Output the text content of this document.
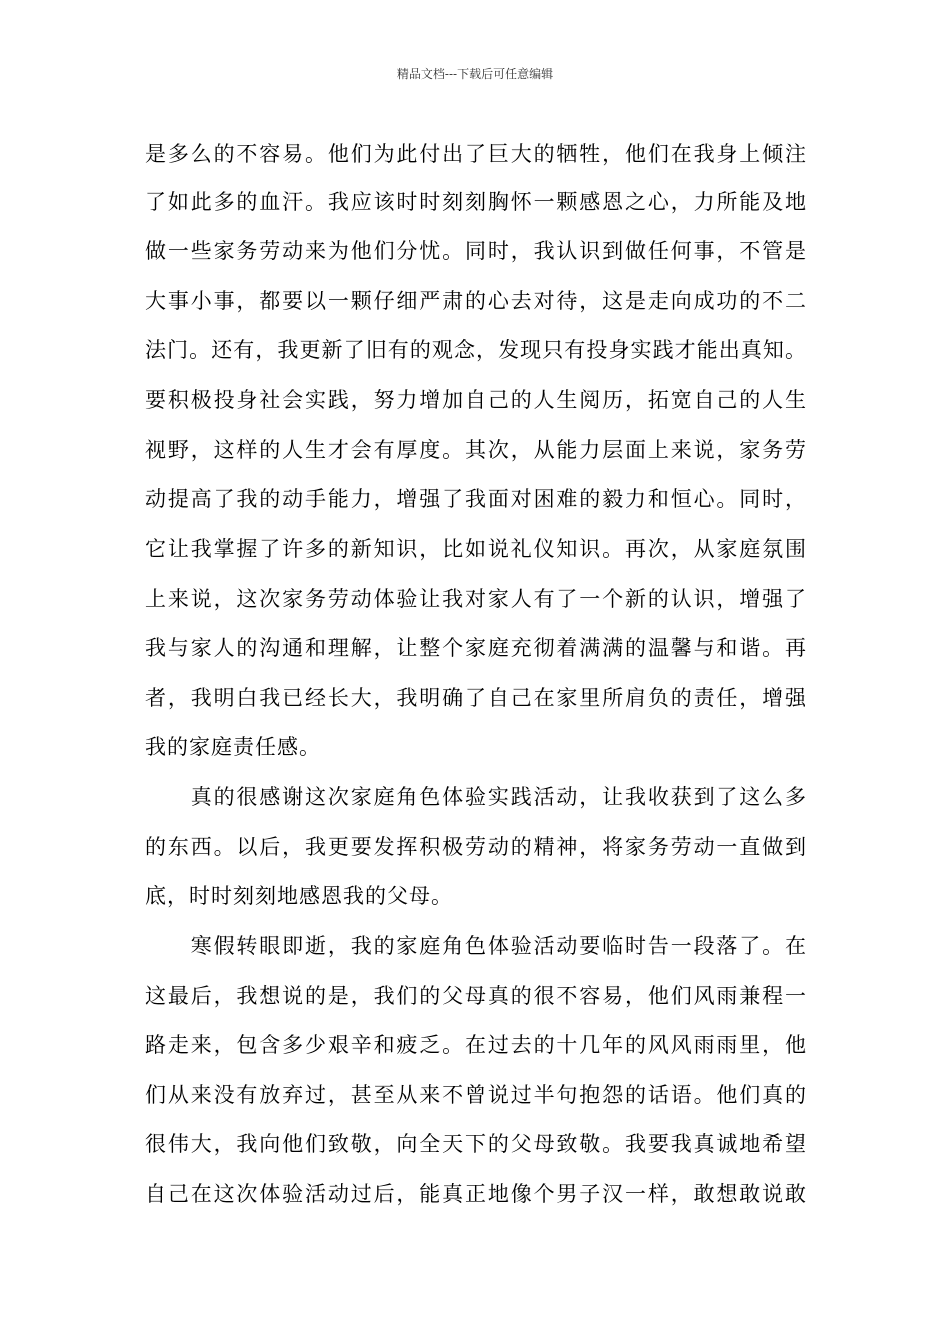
精品文档---下载后可任意编辑
是多么的不容易。他们为此付出了巨大的牺牲，他们在我身上倾注
了如此多的血汗。我应该时时刻刻胸怀一颗感恩之心，力所能及地
做一些家务劳动来为他们分忧。同时，我认识到做任何事，不管是
大事小事，都要以一颗仔细严肃的心去对待，这是走向成功的不二
法门。还有，我更新了旧有的观念，发现只有投身实践才能出真知。
要积极投身社会实践，努力增加自己的人生阅历，拓宽自己的人生
视野，这样的人生才会有厚度。其次，从能力层面上来说，家务劳
动提高了我的动手能力，增强了我面对困难的毅力和恒心。同时，
它让我掌握了许多的新知识，比如说礼仪知识。再次，从家庭氛围
上来说，这次家务劳动体验让我对家人有了一个新的认识，增强了
我与家人的沟通和理解，让整个家庭充彻着满满的温馨与和谐。再
者，我明白我已经长大，我明确了自己在家里所肩负的责任，增强
我的家庭责任感。
　　真的很感谢这次家庭角色体验实践活动，让我收获到了这么多
的东西。以后，我更要发挥积极劳动的精神，将家务劳动一直做到
底，时时刻刻地感恩我的父母。
　　寒假转眼即逝，我的家庭角色体验活动要临时告一段落了。在
这最后，我想说的是，我们的父母真的很不容易，他们风雨兼程一
路走来，包含多少艰辛和疲乏。在过去的十几年的风风雨雨里，他
们从来没有放弃过，甚至从来不曾说过半句抱怨的话语。他们真的
很伟大，我向他们致敬，向全天下的父母致敬。我要我真诚地希望
自己在这次体验活动过后，能真正地像个男子汉一样，敢想敢说敢
